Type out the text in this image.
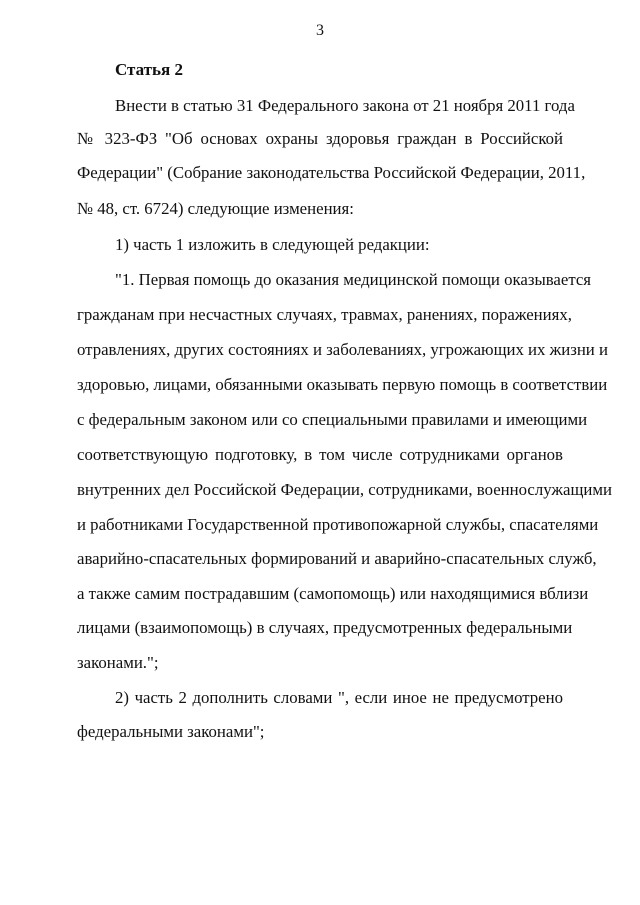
3
Статья 2
Внести в статью 31 Федерального закона от 21 ноября 2011 года
№ 323-ФЗ "Об основах охраны здоровья граждан в Российской
Федерации" (Собрание законодательства Российской Федерации, 2011,
№ 48, ст. 6724) следующие изменения:
1) часть 1 изложить в следующей редакции:
"1. Первая помощь до оказания медицинской помощи оказывается
гражданам при несчастных случаях, травмах, ранениях, поражениях,
отравлениях, других состояниях и заболеваниях, угрожающих их жизни и
здоровью, лицами, обязанными оказывать первую помощь в соответствии
с федеральным законом или со специальными правилами и имеющими
соответствующую подготовку, в том числе сотрудниками органов
внутренних дел Российской Федерации, сотрудниками, военнослужащими
и работниками Государственной противопожарной службы, спасателями
аварийно-спасательных формирований и аварийно-спасательных служб,
а также самим пострадавшим (самопомощь) или находящимися вблизи
лицами (взаимопомощь) в случаях, предусмотренных федеральными
законами.";
2) часть 2 дополнить словами ", если иное не предусмотрено
федеральными законами";
